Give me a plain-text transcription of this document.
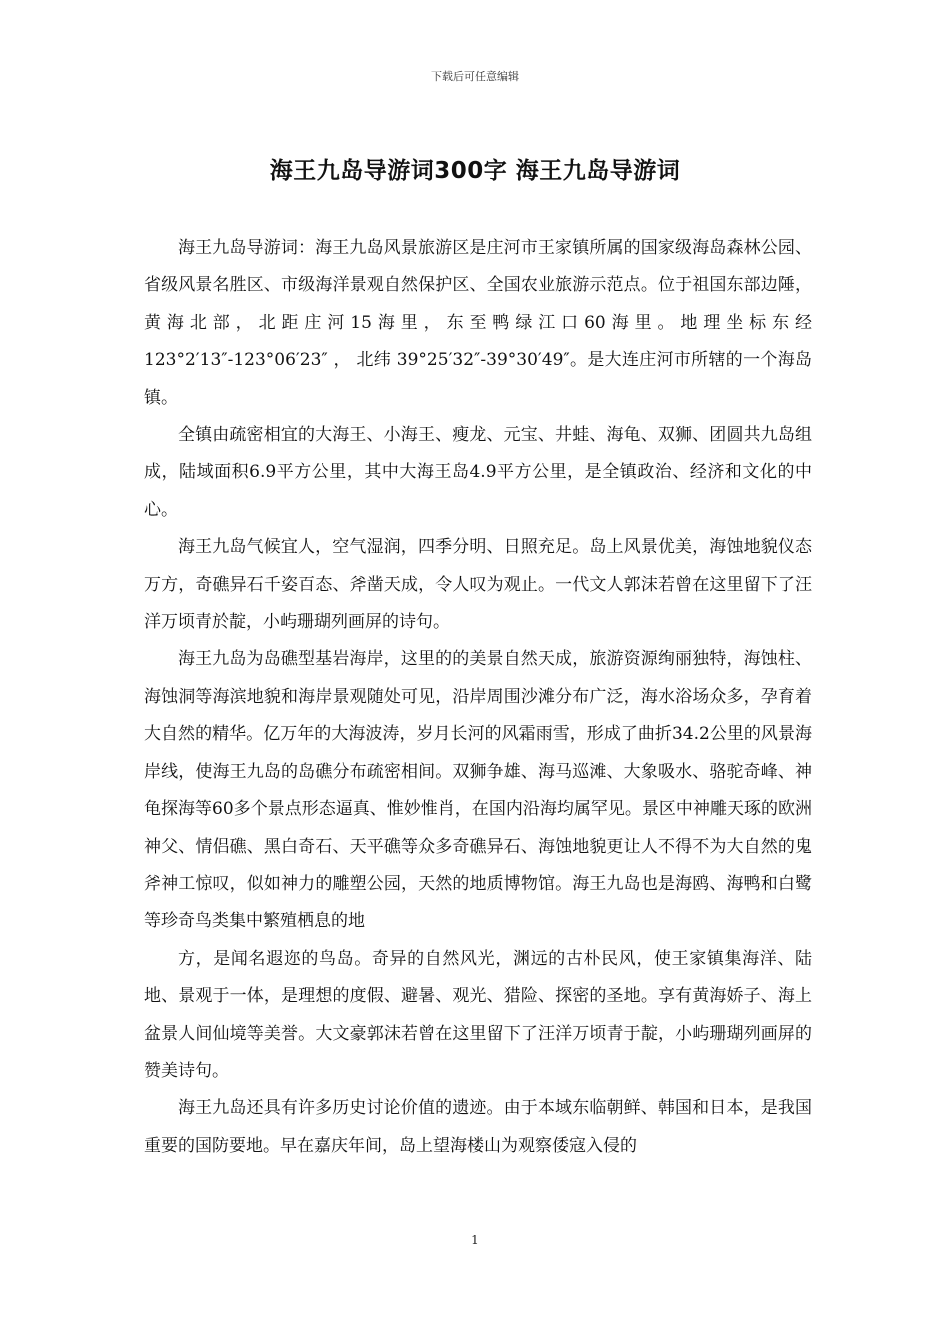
下载后可任意编辑
海王九岛导游词300字 海王九岛导游词

海王九岛导游词：海王九岛风景旅游区是庄河市王家镇所属的国家级海岛森林公园、省级风景名胜区、市级海洋景观自然保护区、全国农业旅游示范点。位于祖国东部边陲，黄海北部，北距庄河15海里，东至鸭绿江口60海里。地理坐标东经 123°2′13″-123°06′23″ ， 北纬 39°25′32″-39°30′49″。是大连庄河市所辖的一个海岛镇。

全镇由疏密相宜的大海王、小海王、瘦龙、元宝、井蛙、海龟、双狮、团圆共九岛组成，陆域面积6.9平方公里，其中大海王岛4.9平方公里，是全镇政治、经济和文化的中心。

海王九岛气候宜人，空气湿润，四季分明、日照充足。岛上风景优美，海蚀地貌仪态万方，奇礁异石千姿百态、斧凿天成，令人叹为观止。一代文人郭沫若曾在这里留下了汪洋万顷青於靛，小屿珊瑚列画屏的诗句。

海王九岛为岛礁型基岩海岸，这里的的美景自然天成，旅游资源绚丽独特，海蚀柱、海蚀洞等海滨地貌和海岸景观随处可见，沿岸周围沙滩分布广泛，海水浴场众多，孕育着大自然的精华。亿万年的大海波涛，岁月长河的风霜雨雪，形成了曲折34.2公里的风景海岸线，使海王九岛的岛礁分布疏密相间。双狮争雄、海马巡滩、大象吸水、骆驼奇峰、神龟探海等60多个景点形态逼真、惟妙惟肖，在国内沿海均属罕见。景区中神雕天琢的欧洲神父、情侣礁、黑白奇石、天平礁等众多奇礁异石、海蚀地貌更让人不得不为大自然的鬼斧神工惊叹，似如神力的雕塑公园，天然的地质博物馆。海王九岛也是海鸥、海鸭和白鹭等珍奇鸟类集中繁殖栖息的地

方，是闻名遐迩的鸟岛。奇异的自然风光，渊远的古朴民风，使王家镇集海洋、陆地、景观于一体，是理想的度假、避暑、观光、猎险、探密的圣地。享有黄海娇子、海上盆景人间仙境等美誉。大文豪郭沫若曾在这里留下了汪洋万顷青于靛，小屿珊瑚列画屏的赞美诗句。

海王九岛还具有许多历史讨论价值的遗迹。由于本域东临朝鲜、韩国和日本，是我国重要的国防要地。早在嘉庆年间，岛上望海楼山为观察倭寇入侵的

1
